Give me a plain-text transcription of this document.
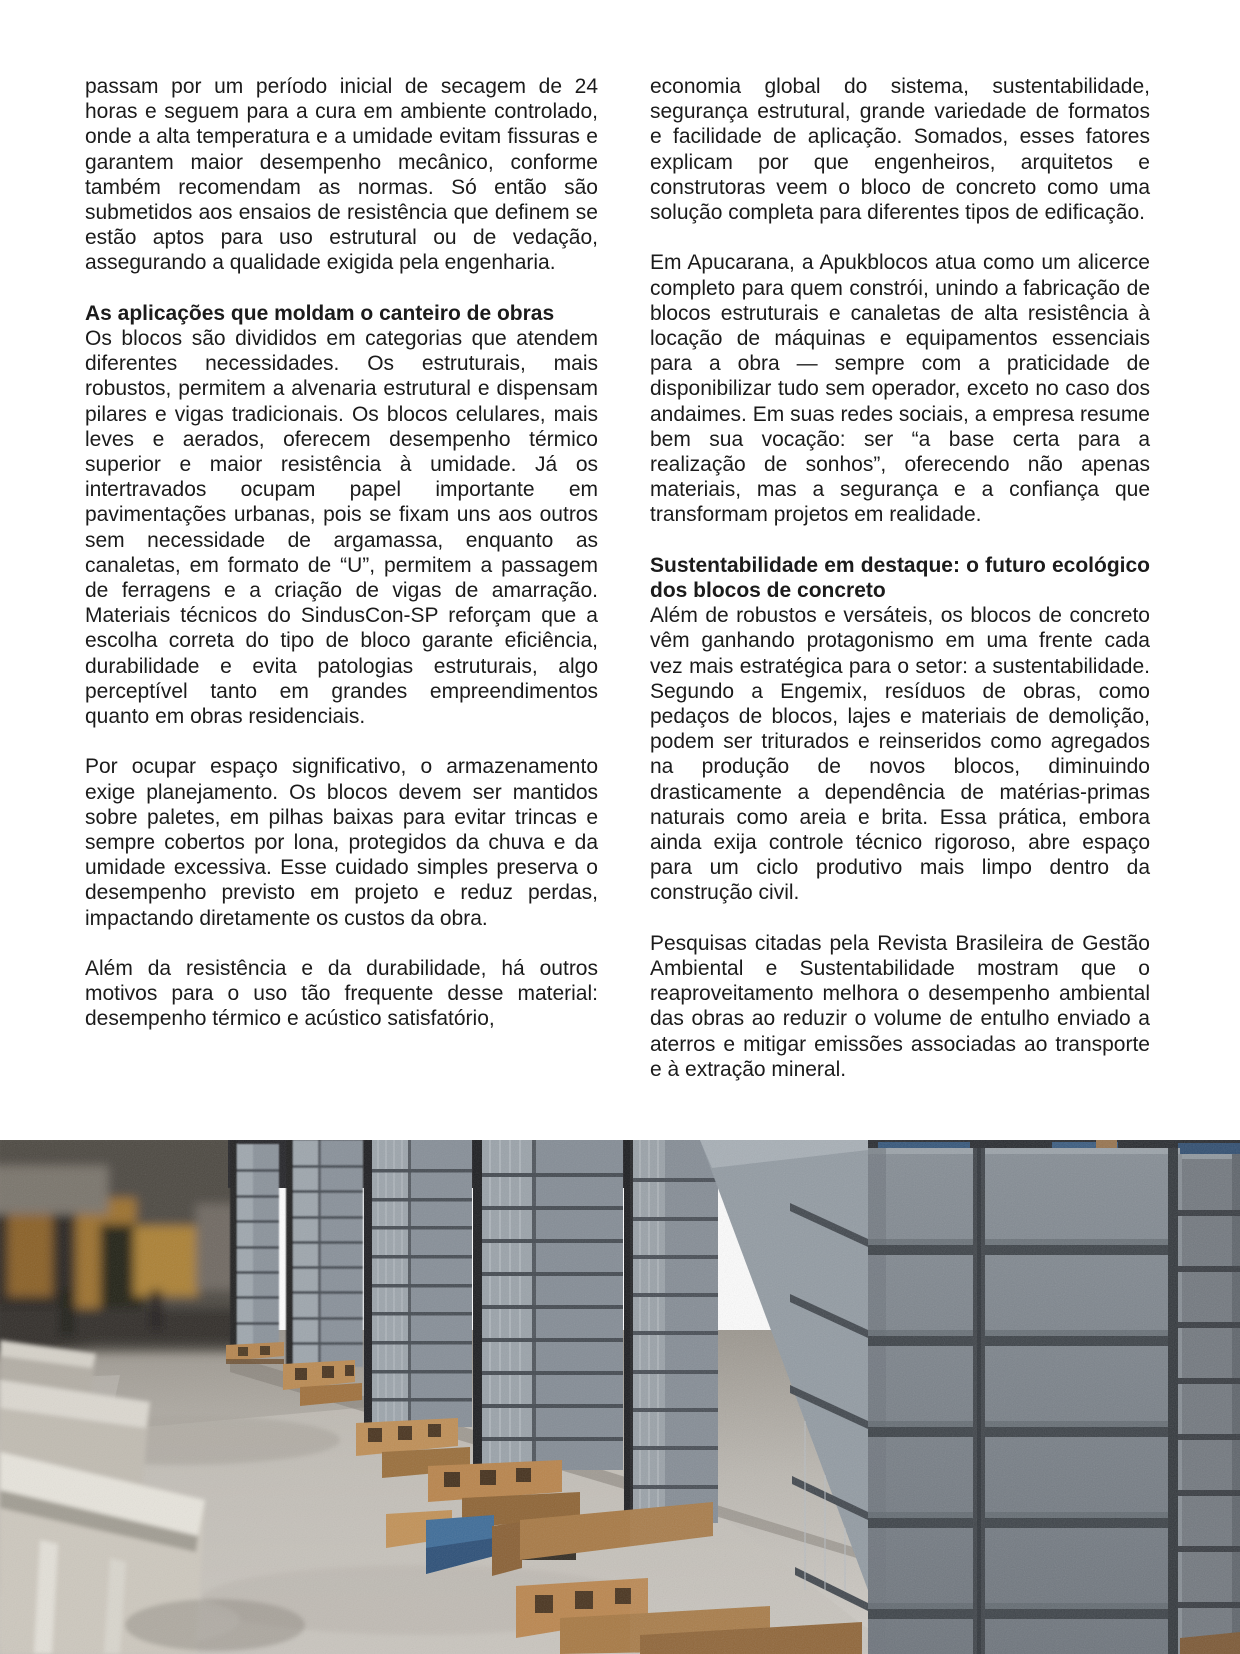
passam por um período inicial de secagem de 24 horas e seguem para a cura em ambiente controlado, onde a alta temperatura e a umidade evitam fissuras e garantem maior desempenho mecânico, conforme também recomendam as normas. Só então são submetidos aos ensaios de resistência que definem se estão aptos para uso estrutural ou de vedação, assegurando a qualidade exigida pela engenharia.

As aplicações que moldam o canteiro de obras

Os blocos são divididos em categorias que atendem diferentes necessidades. Os estruturais, mais robustos, permitem a alvenaria estrutural e dispensam pilares e vigas tradicionais. Os blocos celulares, mais leves e aerados, oferecem desempenho térmico superior e maior resistência à umidade. Já os intertravados ocupam papel importante em pavimentações urbanas, pois se fixam uns aos outros sem necessidade de argamassa, enquanto as canaletas, em formato de “U”, permitem a passagem de ferragens e a criação de vigas de amarração. Materiais técnicos do SindusCon-SP reforçam que a escolha correta do tipo de bloco garante eficiência, durabilidade e evita patologias estruturais, algo perceptível tanto em grandes empreendimentos quanto em obras residenciais.

Por ocupar espaço significativo, o armazenamento exige planejamento. Os blocos devem ser mantidos sobre paletes, em pilhas baixas para evitar trincas e sempre cobertos por lona, protegidos da chuva e da umidade excessiva. Esse cuidado simples preserva o desempenho previsto em projeto e reduz perdas, impactando diretamente os custos da obra.

Além da resistência e da durabilidade, há outros motivos para o uso tão frequente desse material: desempenho térmico e acústico satisfatório,

economia global do sistema, sustentabilidade, segurança estrutural, grande variedade de formatos e facilidade de aplicação. Somados, esses fatores explicam por que engenheiros, arquitetos e construtoras veem o bloco de concreto como uma solução completa para diferentes tipos de edificação.

Em Apucarana, a Apukblocos atua como um alicerce completo para quem constrói, unindo a fabricação de blocos estruturais e canaletas de alta resistência à locação de máquinas e equipamentos essenciais para a obra — sempre com a praticidade de disponibilizar tudo sem operador, exceto no caso dos andaimes. Em suas redes sociais, a empresa resume bem sua vocação: ser “a base certa para a realização de sonhos”, oferecendo não apenas materiais, mas a segurança e a confiança que transformam projetos em realidade.

Sustentabilidade em destaque: o futuro ecológico dos blocos de concreto

Além de robustos e versáteis, os blocos de concreto vêm ganhando protagonismo em uma frente cada vez mais estratégica para o setor: a sustentabilidade. Segundo a Engemix, resíduos de obras, como pedaços de blocos, lajes e materiais de demolição, podem ser triturados e reinseridos como agregados na produção de novos blocos, diminuindo drasticamente a dependência de matérias-primas naturais como areia e brita. Essa prática, embora ainda exija controle técnico rigoroso, abre espaço para um ciclo produtivo mais limpo dentro da construção civil.

Pesquisas citadas pela Revista Brasileira de Gestão Ambiental e Sustentabilidade mostram que o reaproveitamento melhora o desempenho ambiental das obras ao reduzir o volume de entulho enviado a aterros e mitigar emissões associadas ao transporte e à extração mineral.
